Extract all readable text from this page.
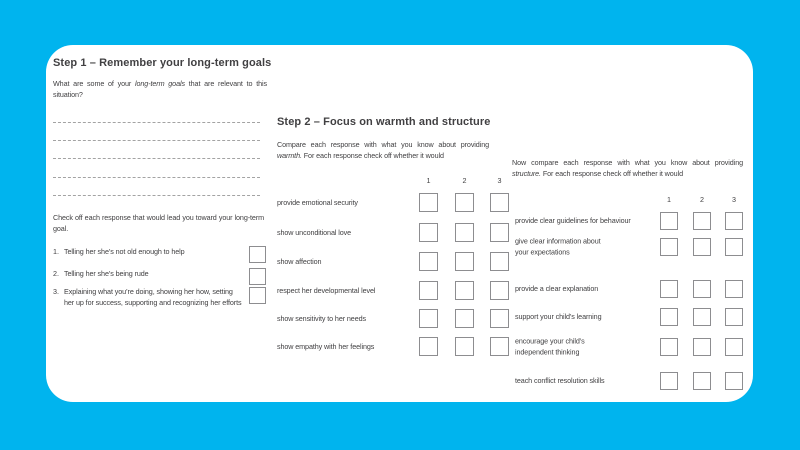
Step 1 – Remember your long-term goals
What are some of your long-term goals that are relevant to this situation?
Check off each response that would lead you toward your long-term goal.
1. Telling her she’s not old enough to help
2. Telling her she’s being rude
3. Explaining what you’re doing, showing her how, setting her up for success, supporting and recognizing her efforts
Step 2 – Focus on warmth and structure
Compare each response with what you know about providing warmth. For each response check off whether it would
1	2	3
provide emotional security
show unconditional love
show affection
respect her developmental level
show sensitivity to her needs
show empathy with her feelings
Now compare each response with what you know about providing structure. For each response check off whether it would
1	2	3
provide clear guidelines for behaviour
give clear information about your expectations
provide a clear explanation
support your child’s learning
encourage your child’s independent thinking
teach conflict resolution skills
